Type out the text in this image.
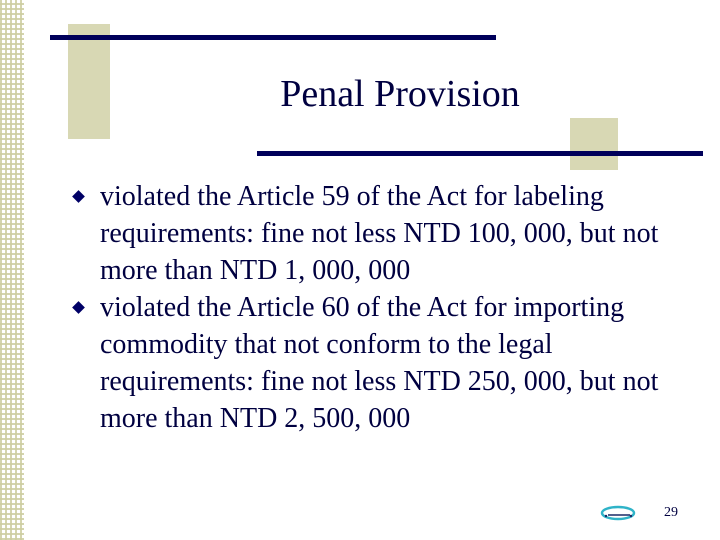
Penal Provision
violated the Article 59 of the Act for labeling requirements: fine not less NTD 100, 000, but not more than NTD 1, 000, 000
violated the Article 60 of the Act for importing commodity that not conform to the legal requirements: fine not less NTD 250, 000, but not more than NTD 2, 500, 000
29
